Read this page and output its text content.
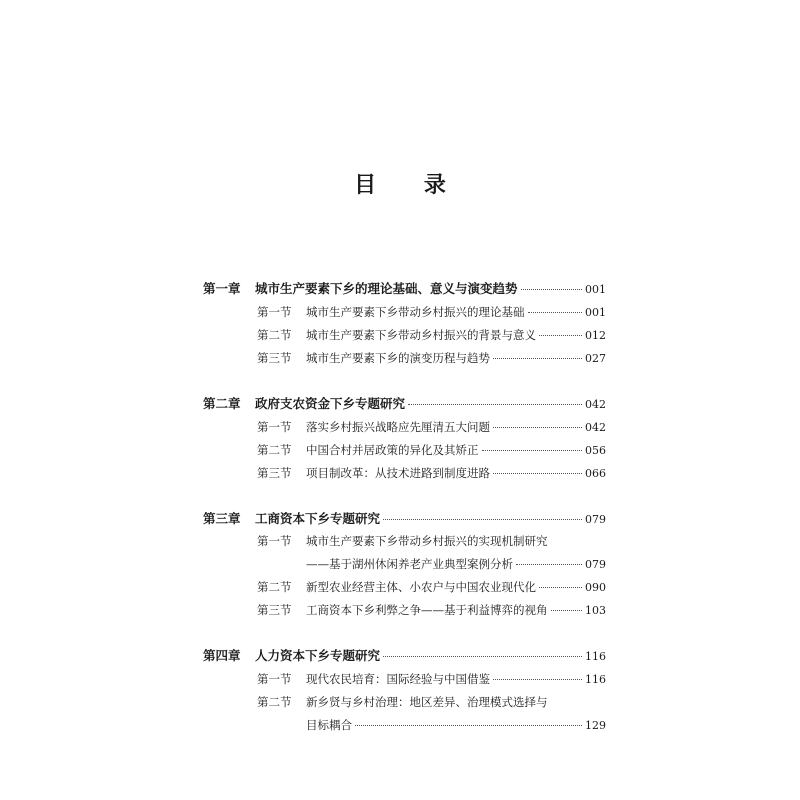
目 录
第一章	城市生产要素下乡的理论基础、意义与演变趋势	001
第一节	城市生产要素下乡带动乡村振兴的理论基础	001
第二节	城市生产要素下乡带动乡村振兴的背景与意义	012
第三节	城市生产要素下乡的演变历程与趋势	027
第二章	政府支农资金下乡专题研究	042
第一节	落实乡村振兴战略应先厘清五大问题	042
第二节	中国合村并居政策的异化及其矫正	056
第三节	项目制改革：从技术进路到制度进路	066
第三章	工商资本下乡专题研究	079
第一节	城市生产要素下乡带动乡村振兴的实现机制研究
——基于湖州休闲养老产业典型案例分析	079
第二节	新型农业经营主体、小农户与中国农业现代化	090
第三节	工商资本下乡利弊之争——基于利益博弈的视角	103
第四章	人力资本下乡专题研究	116
第一节	现代农民培育：国际经验与中国借鉴	116
第二节	新乡贤与乡村治理：地区差异、治理模式选择与
目标耦合	129
